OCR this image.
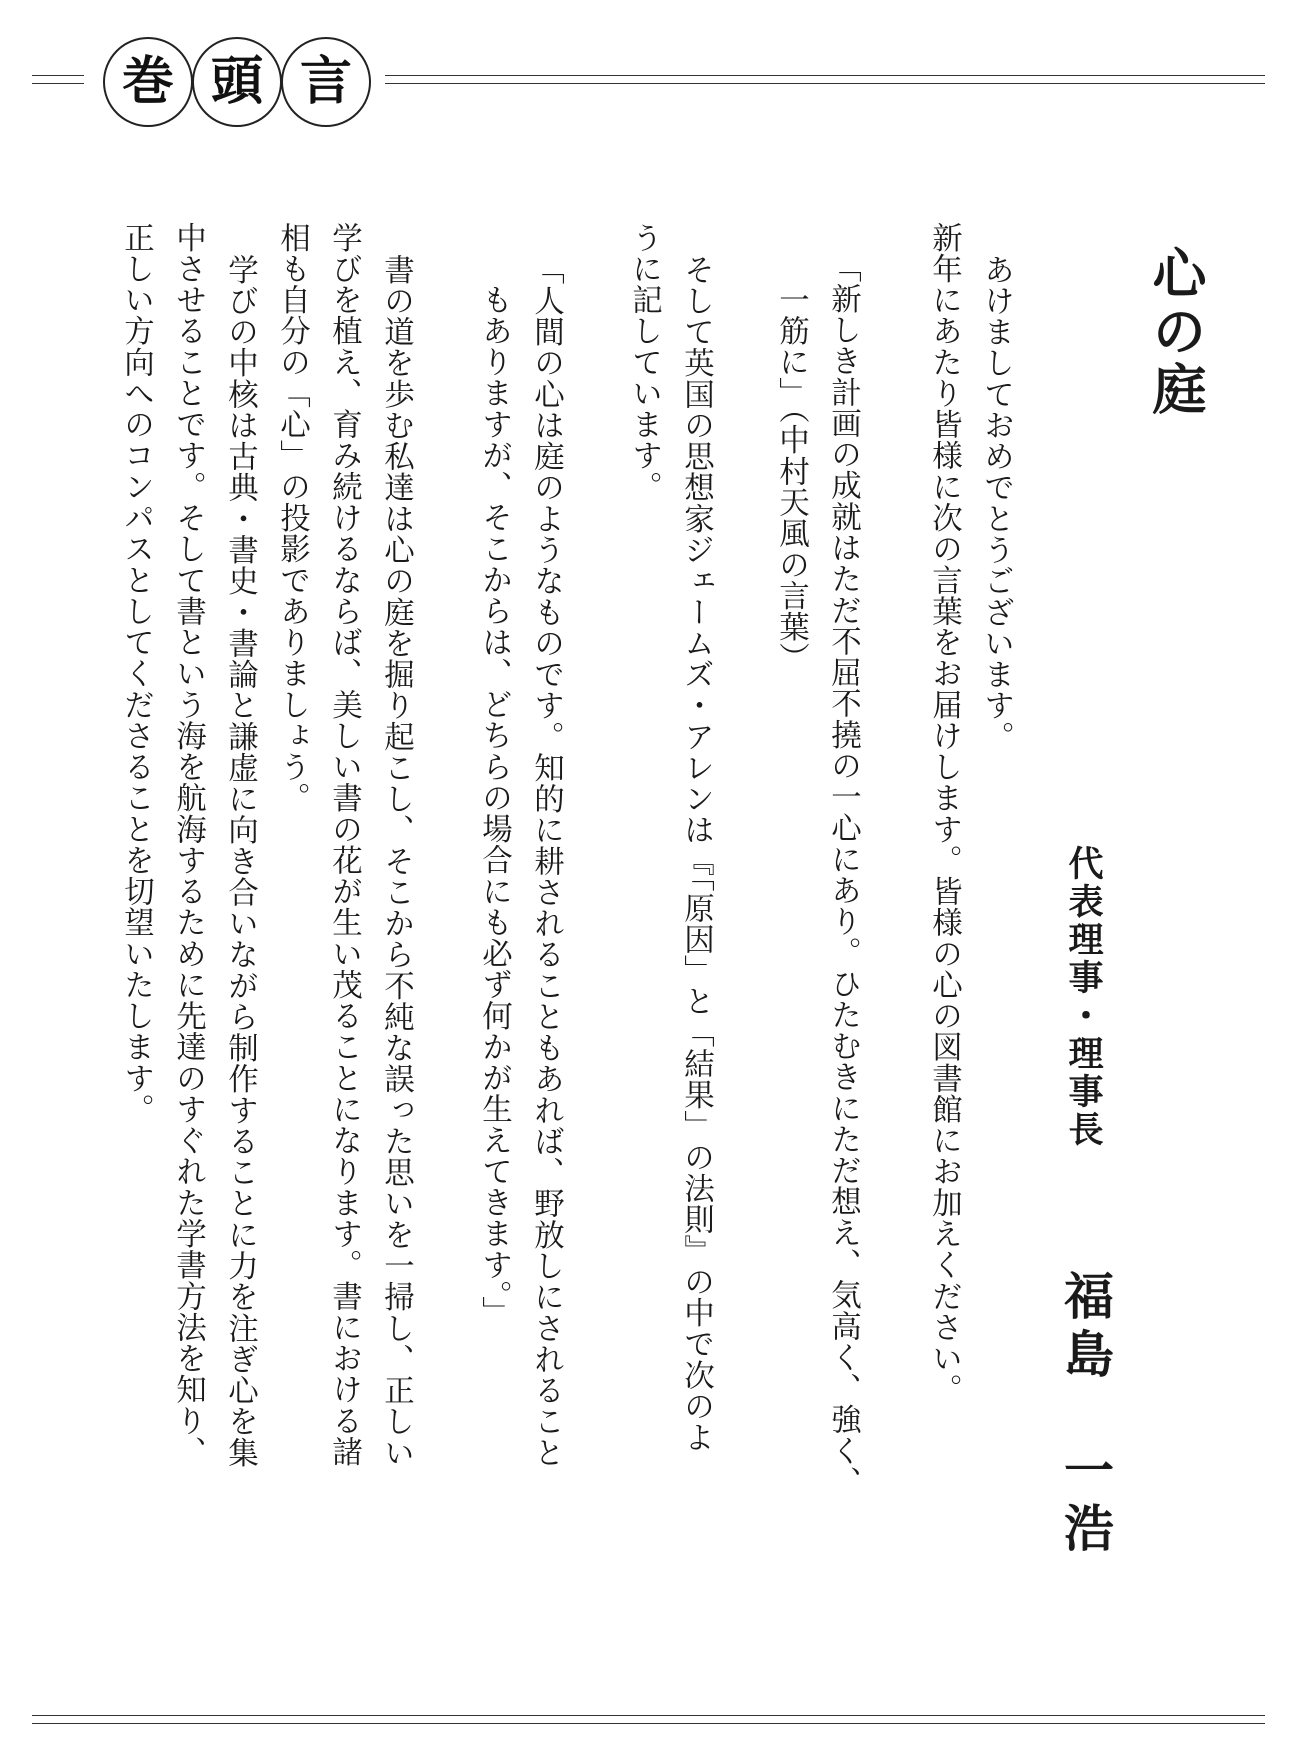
巻 頭 言
心の庭
代表理事・理事長
福島　一浩
あけましておめでとうございます。
新年にあたり皆様に次の言葉をお届けします。皆様の心の図書館にお加えください。
「新しき計画の成就はただ不屈不撓の一心にあり。ひたむきにただ想え、気高く、強く、
一筋に」（中村天風の言葉）
そして英国の思想家ジェームズ・アレンは『「原因」と「結果」の法則』の中で次のよ
うに記しています。
「人間の心は庭のようなものです。知的に耕されることもあれば、野放しにされること
もありますが、そこからは、どちらの場合にも必ず何かが生えてきます。」
書の道を歩む私達は心の庭を掘り起こし、そこから不純な誤った思いを一掃し、正しい
学びを植え、育み続けるならば、美しい書の花が生い茂ることになります。書における諸
相も自分の「心」の投影でありましょう。
学びの中核は古典・書史・書論と謙虚に向き合いながら制作することに力を注ぎ心を集
中させることです。そして書という海を航海するために先達のすぐれた学書方法を知り、
正しい方向へのコンパスとしてくださることを切望いたします。
